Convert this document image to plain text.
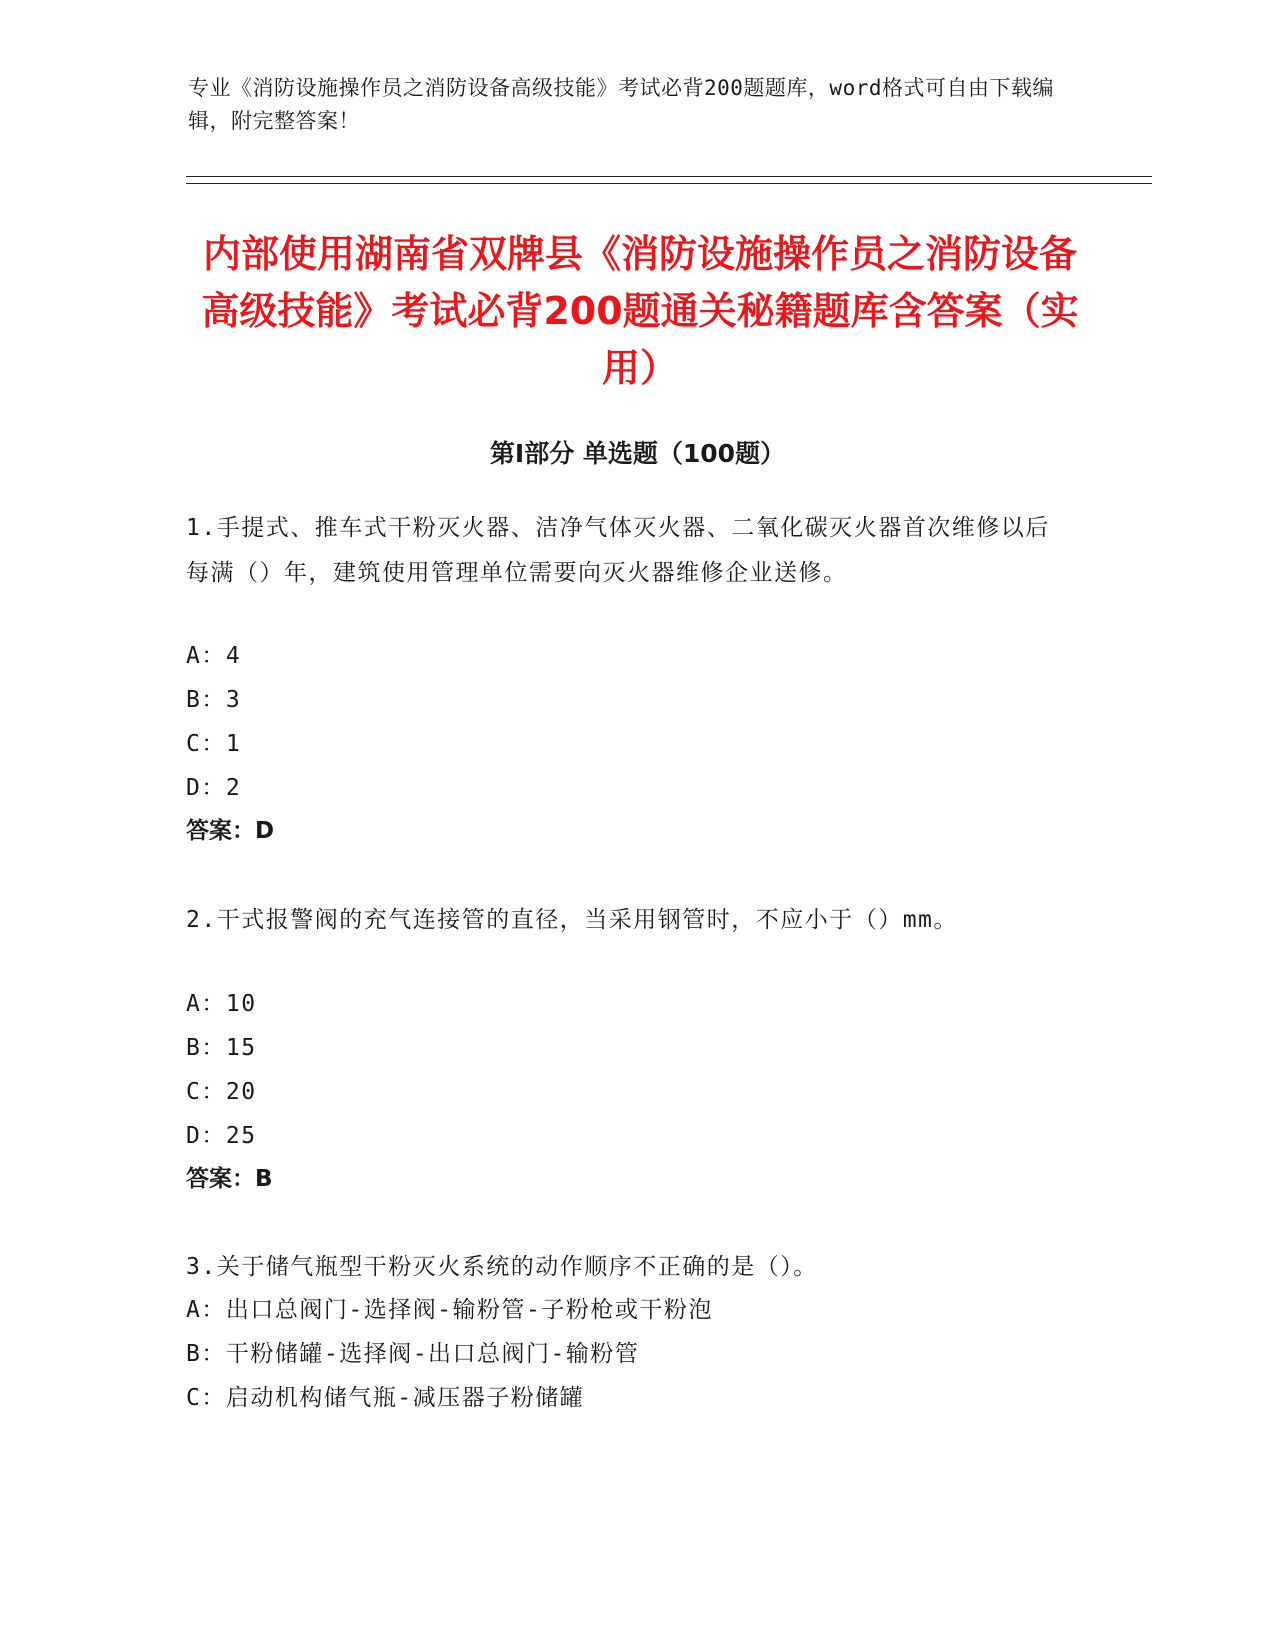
专业《消防设施操作员之消防设备高级技能》考试必背200题题库，word格式可自由下载编辑，附完整答案！
内部使用湖南省双牌县《消防设施操作员之消防设备高级技能》考试必背200题通关秘籍题库含答案（实用）
第I部分 单选题（100题）

1.手提式、推车式干粉灭火器、洁净气体灭火器、二氧化碳灭火器首次维修以后每满（）年，建筑使用管理单位需要向灭火器维修企业送修。

A：4
B：3
C：1
D：2
答案：D

2.干式报警阀的充气连接管的直径，当采用钢管时，不应小于（）mm。

A：10
B：15
C：20
D：25
答案：B

3.关于储气瓶型干粉灭火系统的动作顺序不正确的是（）。

A：出口总阀门-选择阀-输粉管-子粉枪或干粉泡
B：干粉储罐-选择阀-出口总阀门-输粉管
C：启动机构储气瓶-减压器子粉储罐
